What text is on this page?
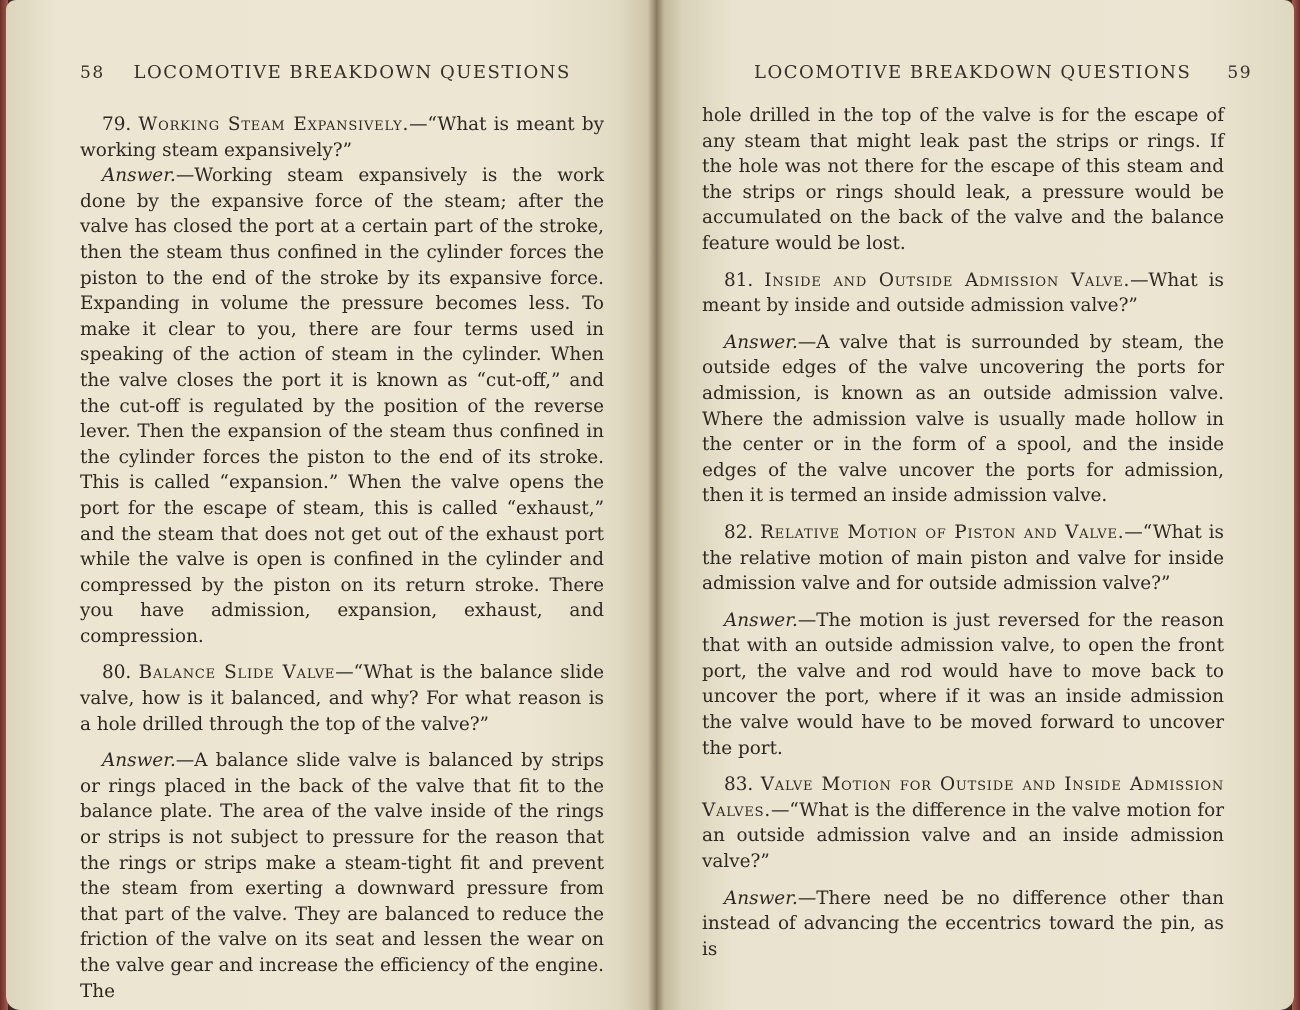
58 LOCOMOTIVE BREAKDOWN QUESTIONS

79. Working Steam Expansively.—“What is meant by working steam expansively?”

Answer.—Working steam expansively is the work done by the expansive force of the steam; after the valve has closed the port at a certain part of the stroke, then the steam thus confined in the cylinder forces the piston to the end of the stroke by its expansive force. Expanding in volume the pressure becomes less. To make it clear to you, there are four terms used in speaking of the action of steam in the cylinder. When the valve closes the port it is known as “cut-off,” and the cut-off is regulated by the position of the reverse lever. Then the expansion of the steam thus confined in the cylinder forces the piston to the end of its stroke. This is called “expansion.” When the valve opens the port for the escape of steam, this is called “exhaust,” and the steam that does not get out of the exhaust port while the valve is open is confined in the cylinder and compressed by the piston on its return stroke. There you have admission, expansion, exhaust, and compression.

80. Balance Slide Valve—“What is the balance slide valve, how is it balanced, and why? For what reason is a hole drilled through the top of the valve?”

Answer.—A balance slide valve is balanced by strips or rings placed in the back of the valve that fit to the balance plate. The area of the valve inside of the rings or strips is not subject to pressure for the reason that the rings or strips make a steam-tight fit and prevent the steam from exerting a downward pressure from that part of the valve. They are balanced to reduce the friction of the valve on its seat and lessen the wear on the valve gear and increase the efficiency of the engine. The

LOCOMOTIVE BREAKDOWN QUESTIONS 59

hole drilled in the top of the valve is for the escape of any steam that might leak past the strips or rings. If the hole was not there for the escape of this steam and the strips or rings should leak, a pressure would be accumulated on the back of the valve and the balance feature would be lost.

81. Inside and Outside Admission Valve.—What is meant by inside and outside admission valve?”

Answer.—A valve that is surrounded by steam, the outside edges of the valve uncovering the ports for admission, is known as an outside admission valve. Where the admission valve is usually made hollow in the center or in the form of a spool, and the inside edges of the valve uncover the ports for admission, then it is termed an inside admission valve.

82. Relative Motion of Piston and Valve.—“What is the relative motion of main piston and valve for inside admission valve and for outside admission valve?”

Answer.—The motion is just reversed for the reason that with an outside admission valve, to open the front port, the valve and rod would have to move back to uncover the port, where if it was an inside admission the valve would have to be moved forward to uncover the port.

83. Valve Motion for Outside and Inside Admission Valves.—“What is the difference in the valve motion for an outside admission valve and an inside admission valve?”

Answer.—There need be no difference other than instead of advancing the eccentrics toward the pin, as is
